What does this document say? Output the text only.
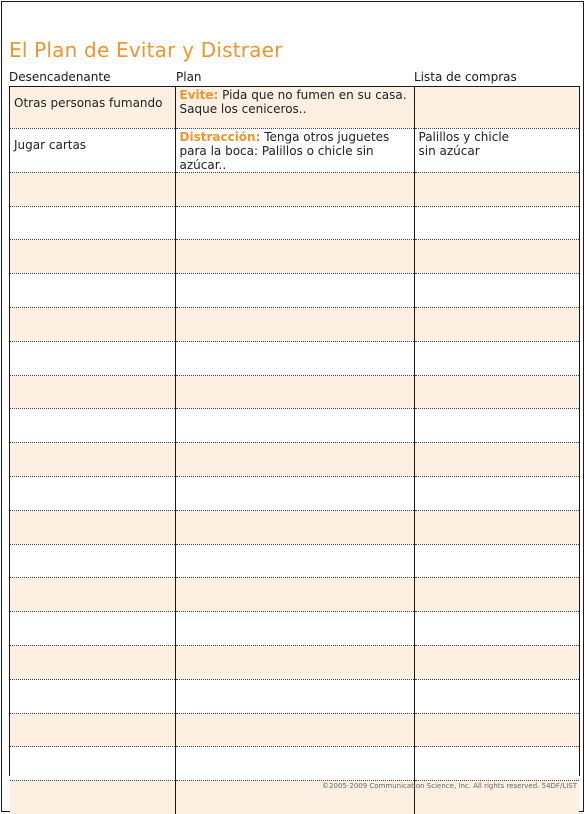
El Plan de Evitar y Distraer
Desencadenante	Plan	Lista de compras
Otras personas fumando	Evite: Pida que no fumen en su casa. Saque los ceniceros..	
Jugar cartas	Distracción: Tenga otros juguetes para la boca: Palillos o chicle sin azúcar..	Palillos y chicle
sin azúcar

©2005-2009 Communication Science, Inc. All rights reserved. 54DF/LIST
